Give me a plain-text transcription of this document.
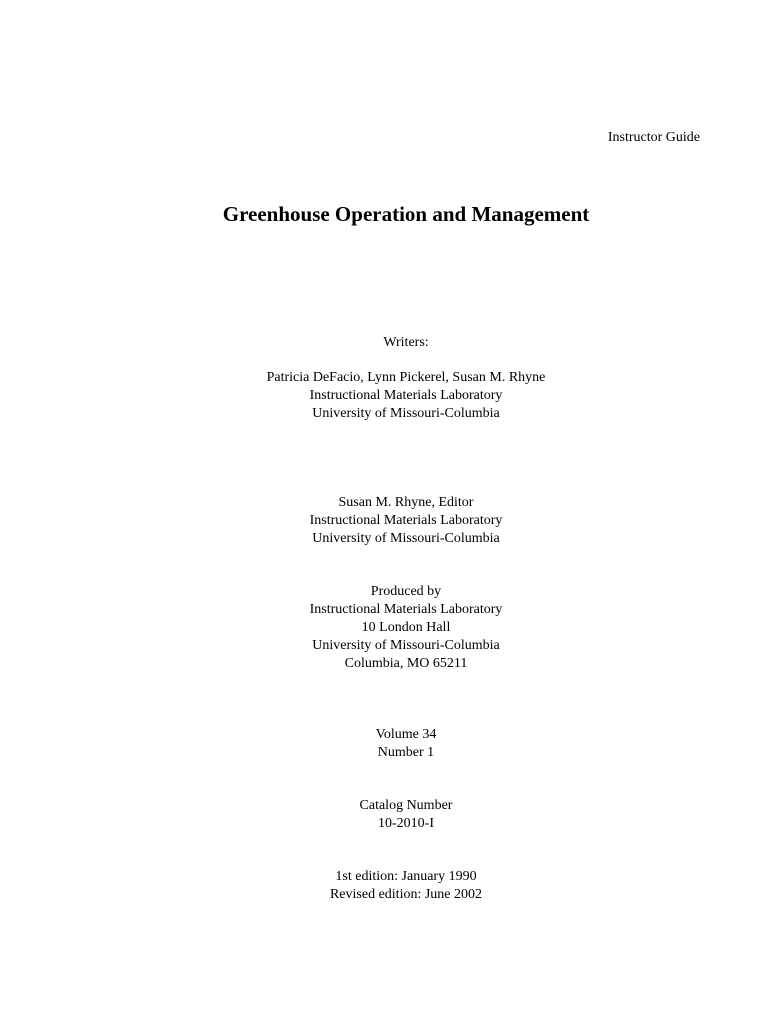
Instructor Guide
Greenhouse Operation and Management
Writers:
Patricia DeFacio, Lynn Pickerel, Susan M. Rhyne
Instructional Materials Laboratory
University of Missouri-Columbia
Susan M. Rhyne, Editor
Instructional Materials Laboratory
University of Missouri-Columbia
Produced by
Instructional Materials Laboratory
10 London Hall
University of Missouri-Columbia
Columbia, MO 65211
Volume 34
Number 1
Catalog Number
10-2010-I
1st edition: January 1990
Revised edition: June 2002
